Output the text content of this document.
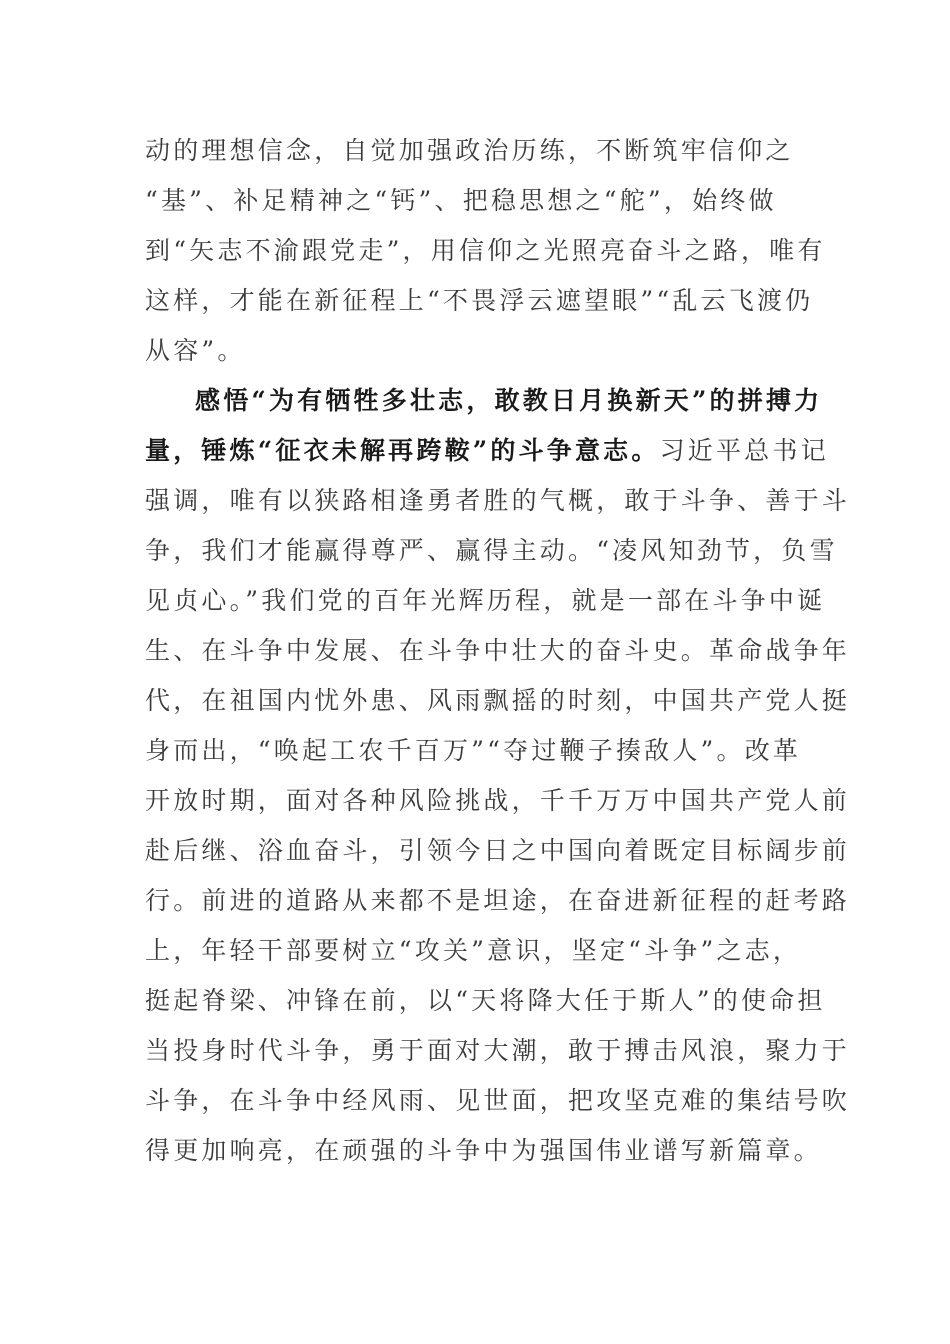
动的理想信念，自觉加强政治历练，不断筑牢信仰之
“基”、补足精神之“钙”、把稳思想之“舵”，始终做
到“矢志不渝跟党走”，用信仰之光照亮奋斗之路，唯有
这样，才能在新征程上“不畏浮云遮望眼”“乱云飞渡仍
从容”。
感悟“为有牺牲多壮志，敢教日月换新天”的拼搏力
量，锤炼“征衣未解再跨鞍”的斗争意志。习近平总书记
强调，唯有以狭路相逢勇者胜的气概，敢于斗争、善于斗
争，我们才能赢得尊严、赢得主动。“凌风知劲节，负雪
见贞心。”我们党的百年光辉历程，就是一部在斗争中诞
生、在斗争中发展、在斗争中壮大的奋斗史。革命战争年
代，在祖国内忧外患、风雨飘摇的时刻，中国共产党人挺
身而出，“唤起工农千百万”“夺过鞭子揍敌人”。改革
开放时期，面对各种风险挑战，千千万万中国共产党人前
赴后继、浴血奋斗，引领今日之中国向着既定目标阔步前
行。前进的道路从来都不是坦途，在奋进新征程的赶考路
上，年轻干部要树立“攻关”意识，坚定“斗争”之志，
挺起脊梁、冲锋在前，以“天将降大任于斯人”的使命担
当投身时代斗争，勇于面对大潮，敢于搏击风浪，聚力于
斗争，在斗争中经风雨、见世面，把攻坚克难的集结号吹
得更加响亮，在顽强的斗争中为强国伟业谱写新篇章。
